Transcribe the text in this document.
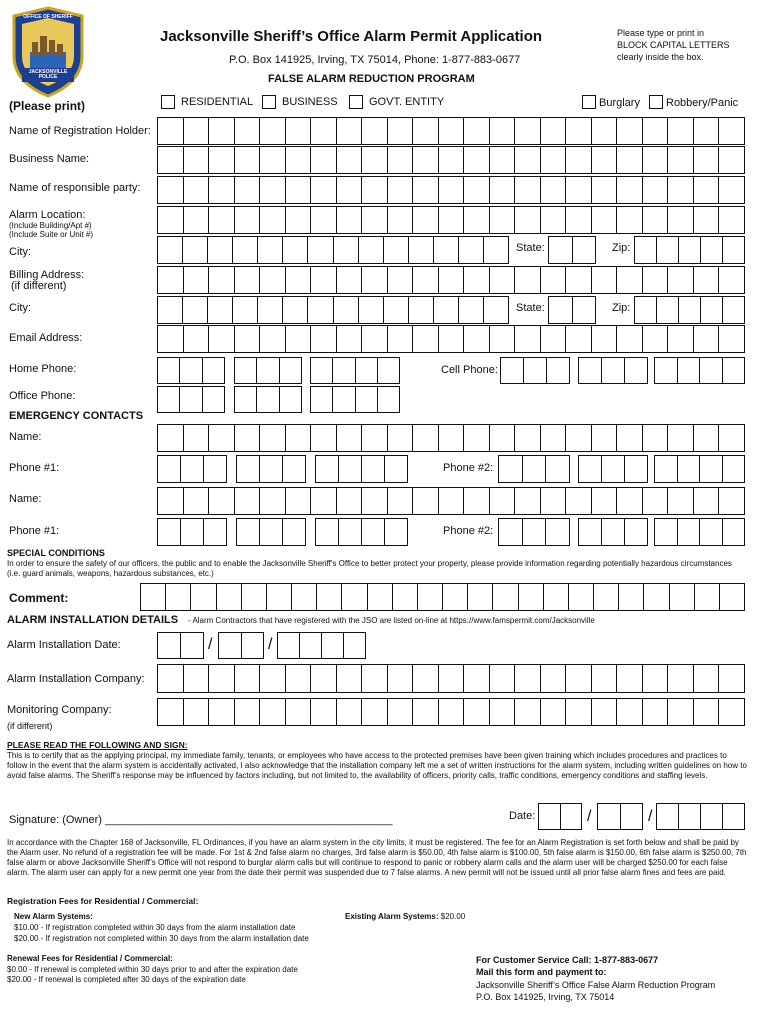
OFFICE OF SHERIFF
JACKSONVILLE POLICE
Jacksonville Sheriff’s Office Alarm Permit Application
P.O. Box 141925, Irving, TX 75014, Phone: 1-877-883-0677
FALSE ALARM REDUCTION PROGRAM
Please type or print in
BLOCK CAPITAL LETTERS
clearly inside the box.
(Please print)	RESIDENTIAL	BUSINESS	GOVT. ENTITY	Burglary Robbery/Panic
Name of Registration Holder:
Business Name:
Name of responsible party:
Alarm Location:
(Include Building/Apt #)
(Include Suite or Unit #)
City:	State:	Zip:
Billing Address:
(if different)
City:	State:	Zip:
Email Address:
Home Phone:	Cell Phone:
Office Phone:
EMERGENCY CONTACTS
Name:
Phone #1:	Phone #2:
Name:
Phone #1:	Phone #2:
SPECIAL CONDITIONS
In order to ensure the safety of our officers, the public and to enable the Jacksonville Sheriff's Office to better protect your property, please provide information regarding potentially hazardous circumstances (i.e. guard animals, weapons, hazardous substances, etc.)
Comment:
ALARM INSTALLATION DETAILS - Alarm Contractors that have registered with the JSO are listed on-line at https://www.famspermit.com/Jacksonville
Alarm Installation Date:	/	/
Alarm Installation Company:
Monitoring Company:
(if different)
PLEASE READ THE FOLLOWING AND SIGN:
This is to certify that as the applying principal, my immediate family, tenants, or employees who have access to the protected premises have been given training which includes procedures and practices to follow in the event that the alarm system is accidentally activated, I also acknowledge that the installation company left me a set of written instructions for the alarm system, including written guidelines on how to avoid false alarms. The Sheriff’s response may be influenced by factors including, but not limited to, the availability of officers, priority calls, traffic conditions, emergency conditions and staffing levels.
Signature: (Owner) _______________________________________________	Date:	/	/
In accordance with the Chapter 168 of Jacksonville, FL Ordinances, if you have an alarm system in the city limits, it must be registered. The fee for an Alarm Registration is set forth below and shall be paid by the Alarm user. No refund of a registration fee will be made. For 1st & 2nd false alarm no charges, 3rd false alarm is $50.00, 4th false alarm is $100.00, 5th false alarm is $150.00, 6th false alarm is $250.00, 7th false alarm or above Jacksonville Sheriff’s Office will not respond to burglar alarm calls but will continue to respond to panic or robbery alarm calls and the alarm user will be charged $250.00 for each false alarm. The alarm user can apply for a new permit one year from the date their permit was suspended due to 7 false alarms. A new permit will not be issued until all prior false alarm fines and fees are paid.
Registration Fees for Residential / Commercial:
New Alarm Systems:
$10.00 - If registration completed within 30 days from the alarm installation date
$20.00 - If registration not completed within 30 days from the alarm installation date
Existing Alarm Systems: $20.00
Renewal Fees for Residential / Commercial:
$0.00 - If renewal is completed within 30 days prior to and after the expiration date
$20.00 - If renewal is completed after 30 days of the expiration date
For Customer Service Call: 1-877-883-0677
Mail this form and payment to:
Jacksonville Sheriff’s Office False Alarm Reduction Program
P.O. Box 141925, Irving, TX 75014
